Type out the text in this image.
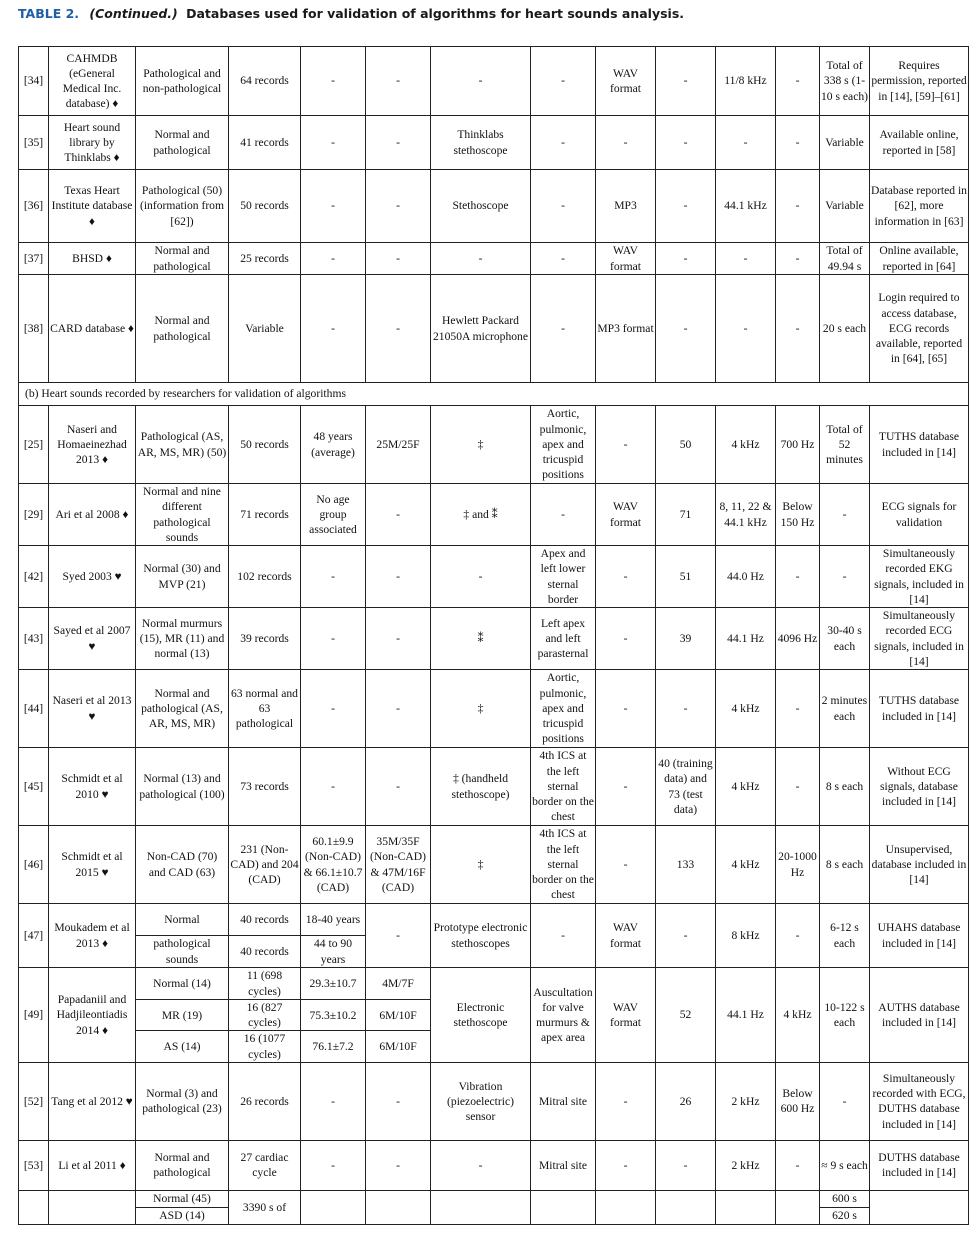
TABLE 2. (Continued.) Databases used for validation of algorithms for heart sounds analysis.
[34]	CAHMDB (eGeneral Medical Inc. database) ♦	Pathological and non-pathological	64 records	-	-	-	-	WAV format	-	11/8 kHz	-	Total of 338 s (1-10 s each)	Requires permission, reported in [14], [59]–[61]
[35]	Heart sound library by Thinklabs ♦	Normal and pathological	41 records	-	-	Thinklabs stethoscope	-	-	-	-	-	Variable	Available online, reported in [58]
[36]	Texas Heart Institute database ♦	Pathological (50) (information from [62])	50 records	-	-	Stethoscope	-	MP3	-	44.1 kHz	-	Variable	Database reported in [62], more information in [63]
[37]	BHSD ♦	Normal and pathological	25 records	-	-	-	-	WAV format	-	-	-	Total of 49.94 s	Online available, reported in [64]
[38]	CARD database ♦	Normal and pathological	Variable	-	-	Hewlett Packard 21050A microphone	-	MP3 format	-	-	-	20 s each	Login required to access database, ECG records available, reported in [64], [65]
(b) Heart sounds recorded by researchers for validation of algorithms													
[25]	Naseri and Homaeinezhad 2013 ♦	Pathological (AS, AR, MS, MR) (50)	50 records	48 years (average)	25M/25F	‡	Aortic, pulmonic, apex and tricuspid positions	-	50	4 kHz	700 Hz	Total of 52 minutes	TUTHS database included in [14]
[29]	Ari et al 2008 ♦	Normal and nine different pathological sounds	71 records	No age group associated	-	‡ and ⁑	-	WAV format	71	8, 11, 22 & 44.1 kHz	Below 150 Hz	-	ECG signals for validation
[42]	Syed 2003 ♥	Normal (30) and MVP (21)	102 records	-	-	-	Apex and left lower sternal border	-	51	44.0 Hz	-	-	Simultaneously recorded EKG signals, included in [14]
[43]	Sayed et al 2007 ♥	Normal murmurs (15), MR (11) and normal (13)	39 records	-	-	⁑	Left apex and left parasternal	-	39	44.1 Hz	4096 Hz	30-40 s each	Simultaneously recorded ECG signals, included in [14]
[44]	Naseri et al 2013 ♥	Normal and pathological (AS, AR, MS, MR)	63 normal and 63 pathological	-	-	‡	Aortic, pulmonic, apex and tricuspid positions	-	-	4 kHz	-	2 minutes each	TUTHS database included in [14]
[45]	Schmidt et al 2010 ♥	Normal (13) and pathological (100)	73 records	-	-	‡ (handheld stethoscope)	4th ICS at the left sternal border on the chest	-	40 (training data) and 73 (test data)	4 kHz	-	8 s each	Without ECG signals, database included in [14]
[46]	Schmidt et al 2015 ♥	Non-CAD (70) and CAD (63)	231 (Non-CAD) and 204 (CAD)	60.1±9.9 (Non-CAD) & 66.1±10.7 (CAD)	35M/35F (Non-CAD) & 47M/16F (CAD)	‡	4th ICS at the left sternal border on the chest	-	133	4 kHz	20-1000 Hz	8 s each	Unsupervised, database included in [14]
[47]	Moukadem et al 2013 ♦	Normal	40 records	18-40 years	-	Prototype electronic stethoscopes	-	WAV format	-	8 kHz	-	6-12 s each	UHAHS database included in [14]
		pathological sounds	40 records	44 to 90 years									
[49]	Papadaniil and Hadjileontiadis 2014 ♦	Normal (14)	11 (698 cycles)	29.3±10.7	4M/7F	Electronic stethoscope	Auscultation for valve murmurs & apex area	WAV format	52	44.1 Hz	4 kHz	10-122 s each	AUTHS database included in [14]
		MR (19)	16 (827 cycles)	75.3±10.2	6M/10F								
		AS (14)	16 (1077 cycles)	76.1±7.2	6M/10F								
[52]	Tang et al 2012 ♥	Normal (3) and pathological (23)	26 records	-	-	Vibration (piezoelectric) sensor	Mitral site	-	26	2 kHz	Below 600 Hz	-	Simultaneously recorded with ECG, DUTHS database included in [14]
[53]	Li et al 2011 ♦	Normal and pathological	27 cardiac cycle	-	-	-	Mitral site	-	-	2 kHz	-	≈ 9 s each	DUTHS database included in [14]
		Normal (45)	3390 s of									600 s	
		ASD (14)										620 s	
